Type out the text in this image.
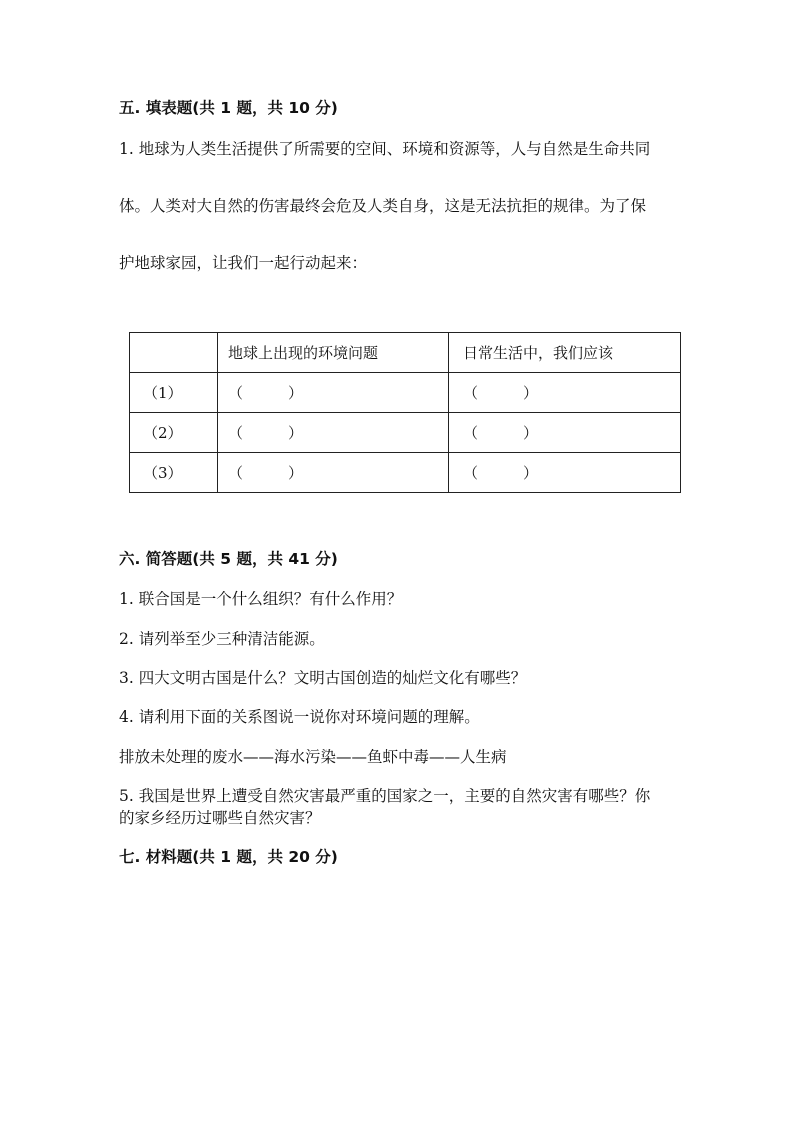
五. 填表题(共 1 题，共 10 分)
1. 地球为人类生活提供了所需要的空间、环境和资源等，人与自然是生命共同
体。人类对大自然的伤害最终会危及人类自身，这是无法抗拒的规律。为了保
护地球家园，让我们一起行动起来：
	地球上出现的环境问题	日常生活中，我们应该
（1）	（　　　）	（　　　）
（2）	（　　　）	（　　　）
（3）	（　　　）	（　　　）
六. 简答题(共 5 题，共 41 分)
1. 联合国是一个什么组织？有什么作用？
2. 请列举至少三种清洁能源。
3. 四大文明古国是什么？文明古国创造的灿烂文化有哪些？
4. 请利用下面的关系图说一说你对环境问题的理解。
排放未处理的废水——海水污染——鱼虾中毒——人生病
5. 我国是世界上遭受自然灾害最严重的国家之一，主要的自然灾害有哪些？你
的家乡经历过哪些自然灾害？
七. 材料题(共 1 题，共 20 分)
